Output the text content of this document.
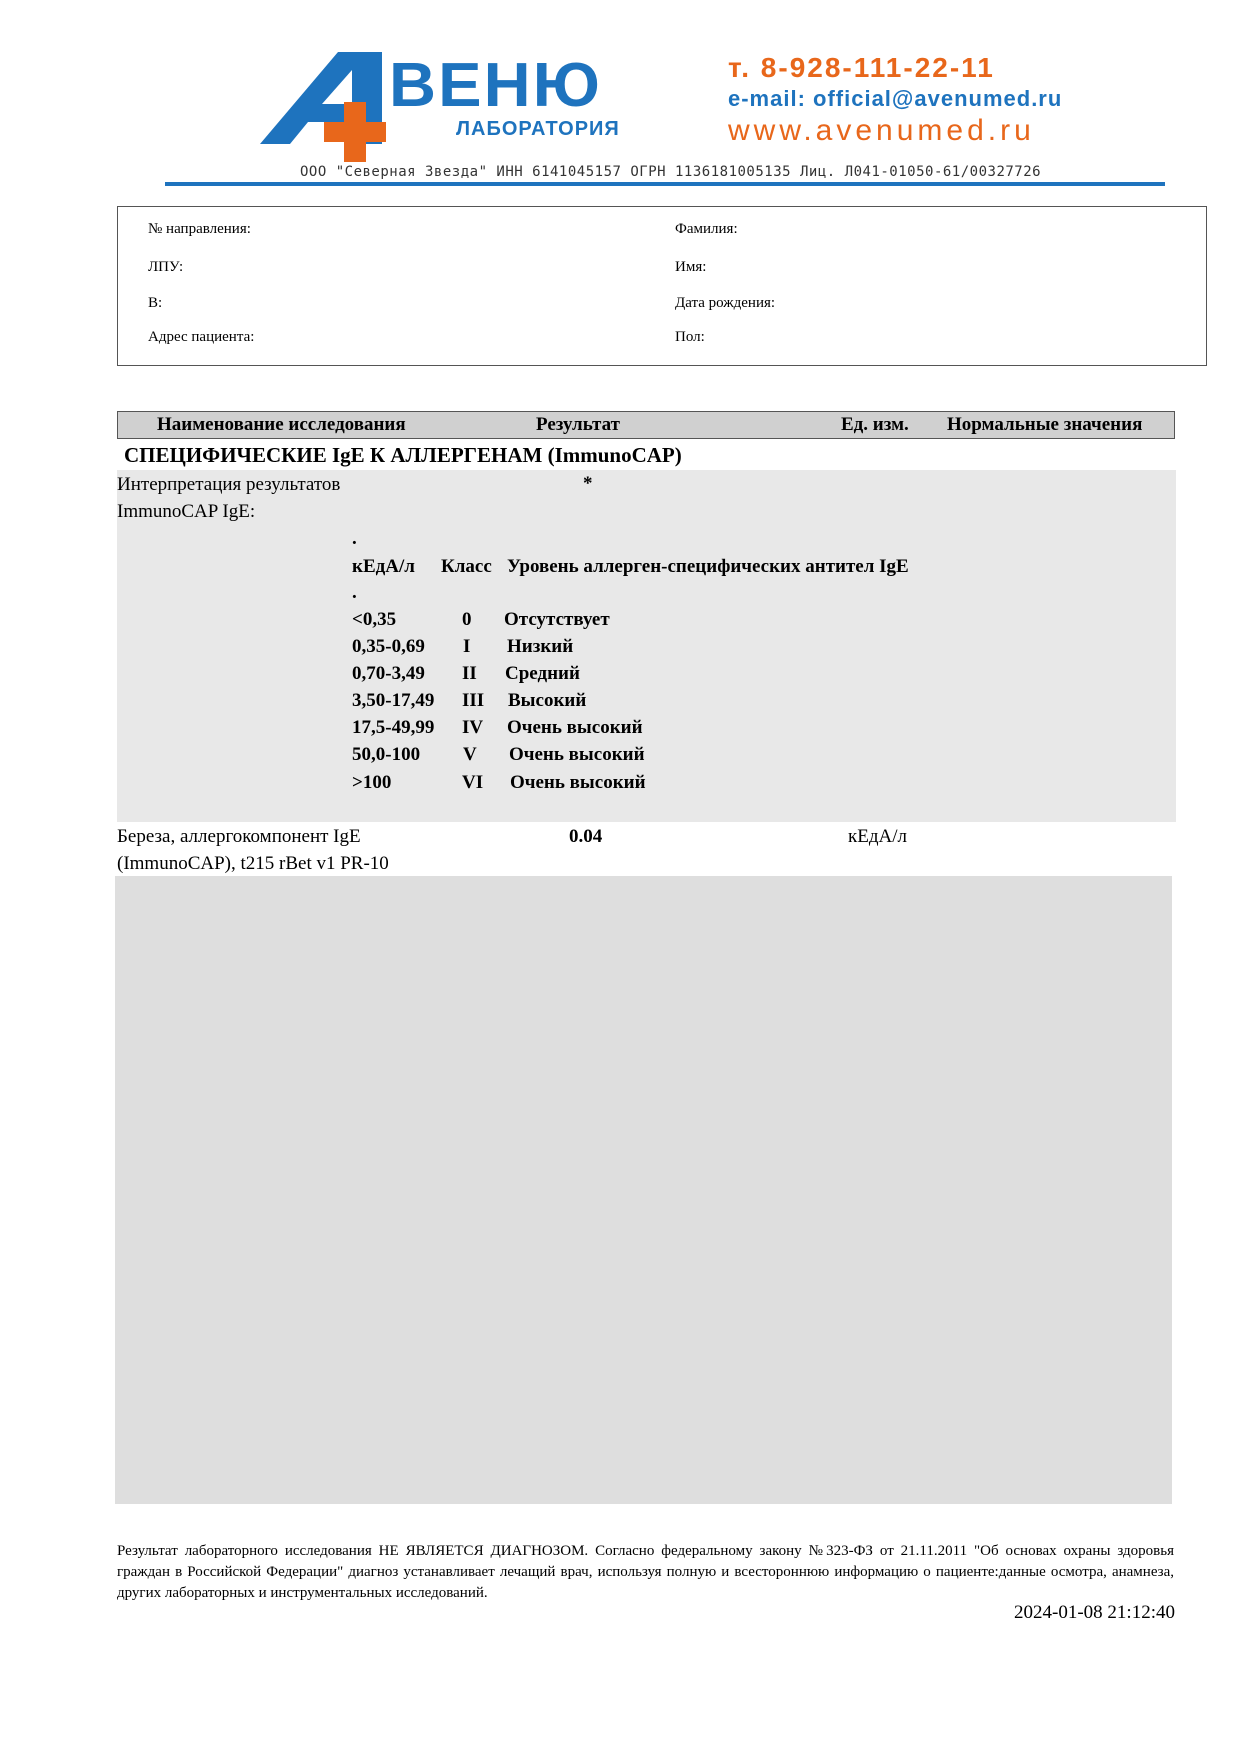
ВЕНЮ
ЛАБОРАТОРИЯ
т. 8-928-111-22-11
e-mail: official@avenumed.ru
www.avenumed.ru
ООО "Северная Звезда" ИНН 6141045157 ОГРН 1136181005135 Лиц. Л041-01050-61/00327726
№ направления:
ЛПУ:
В:
Адрес пациента:
Фамилия:
Имя:
Дата рождения:
Пол:
Наименование исследования	Результат	Ед. изм. Нормальные значения
СПЕЦИФИЧЕСКИЕ IgE К АЛЛЕРГЕНАМ (ImmunoCAP)
Интерпретация результатов
ImmunoCAP IgE:
*
.
кЕдА/л Класс Уровень аллерген-специфических антител IgE
.
<0,35	0 Отсутствует
0,35-0,69 I Низкий
0,70-3,49 II Средний
3,50-17,49 III Высокий
17,5-49,99 IV Очень высокий
50,0-100 V Очень высокий
>100	VI Очень высокий
Береза, аллергокомпонент IgE
(ImmunoCAP), t215 rBet v1 PR-10
0.04	кЕдА/л
Результат лабораторного исследования НЕ ЯВЛЯЕТСЯ ДИАГНОЗОМ. Согласно федеральному закону №323-ФЗ от 21.11.2011 "Об основах охраны здоровья граждан в Российской Федерации" диагноз устанавливает лечащий врач, используя полную и всестороннюю информацию о пациенте:данные осмотра, анамнеза, других лабораторных и инструментальных исследований.
2024-01-08 21:12:40
